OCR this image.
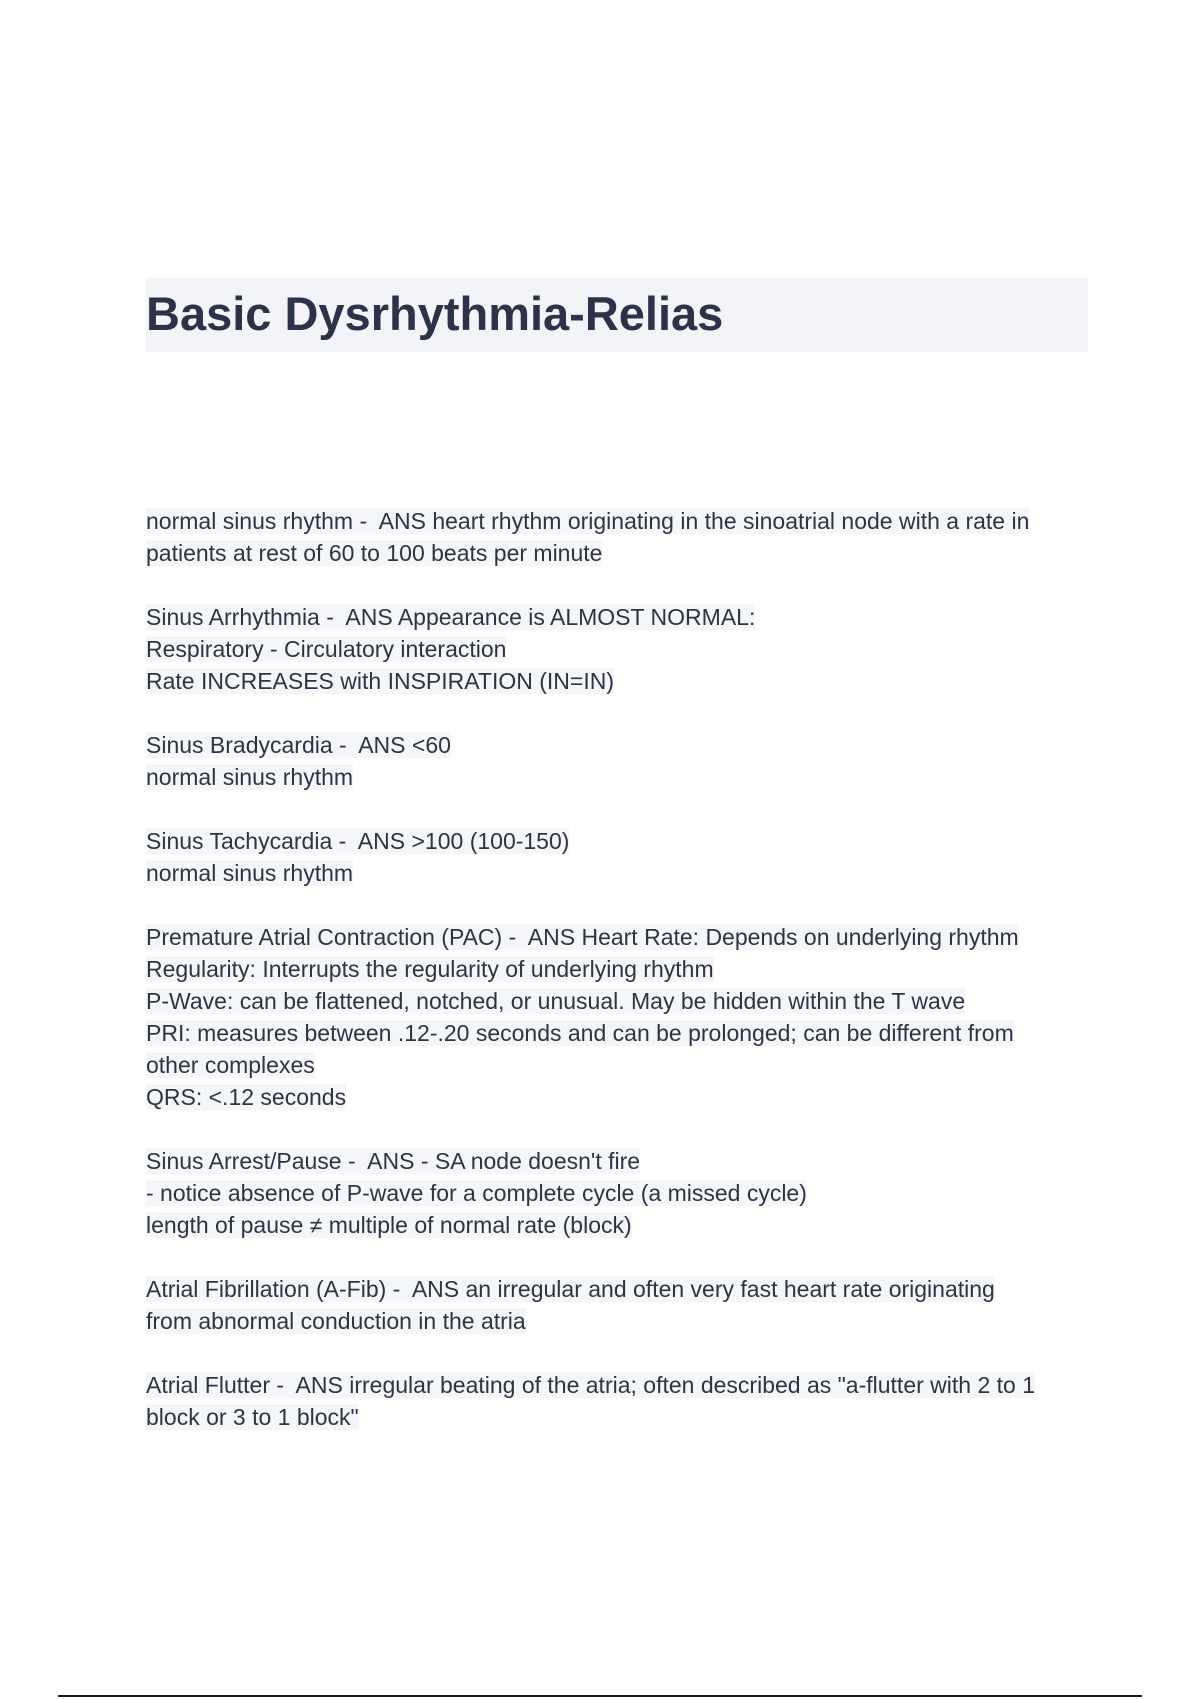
Basic Dysrhythmia-Relias
normal sinus rhythm -  ANS heart rhythm originating in the sinoatrial node with a rate in
patients at rest of 60 to 100 beats per minute
Sinus Arrhythmia -  ANS Appearance is ALMOST NORMAL:
Respiratory - Circulatory interaction
Rate INCREASES with INSPIRATION (IN=IN)
Sinus Bradycardia -  ANS <60
normal sinus rhythm
Sinus Tachycardia -  ANS >100 (100-150)
normal sinus rhythm
Premature Atrial Contraction (PAC) -  ANS Heart Rate: Depends on underlying rhythm
Regularity: Interrupts the regularity of underlying rhythm
P-Wave: can be flattened, notched, or unusual. May be hidden within the T wave
PRI: measures between .12-.20 seconds and can be prolonged; can be different from
other complexes
QRS: <.12 seconds
Sinus Arrest/Pause -  ANS - SA node doesn't fire
- notice absence of P-wave for a complete cycle (a missed cycle)
length of pause ≠ multiple of normal rate (block)
Atrial Fibrillation (A-Fib) -  ANS an irregular and often very fast heart rate originating
from abnormal conduction in the atria
Atrial Flutter -  ANS irregular beating of the atria; often described as "a-flutter with 2 to 1
block or 3 to 1 block"
